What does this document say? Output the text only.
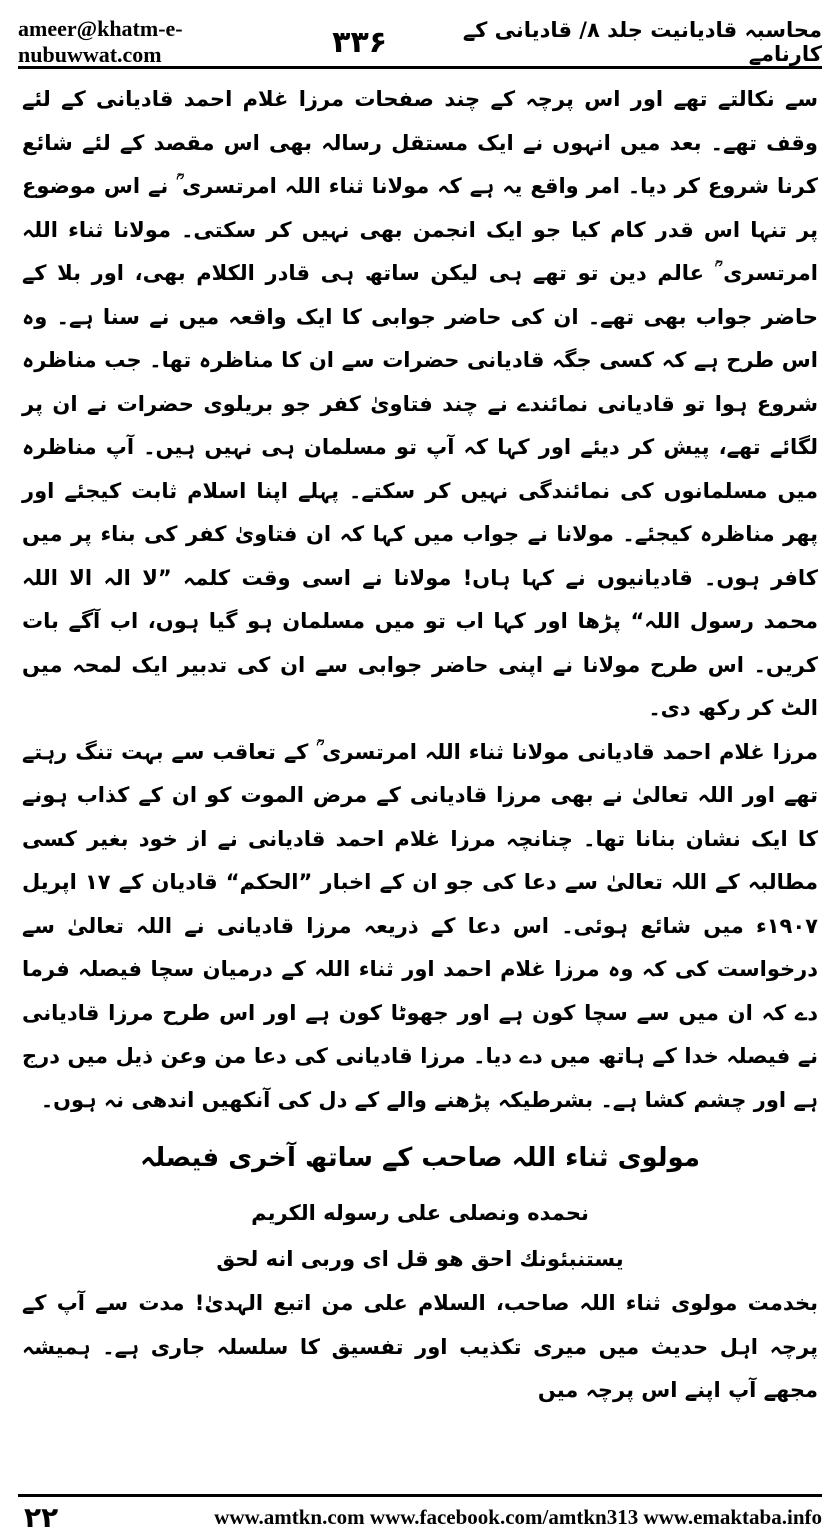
ameer@khatm-e-nubuwwat.com	۳۳۶	محاسبہ قادیانیت جلد ۸/ قادیانی کے کارنامے

سے نکالتے تھے اور اس پرچہ کے چند صفحات مرزا غلام احمد قادیانی کے لئے وقف تھے۔ بعد میں انہوں نے ایک مستقل رسالہ بھی اس مقصد کے لئے شائع کرنا شروع کر دیا۔ امر واقع یہ ہے کہ مولانا ثناء اللہ امرتسری ؒ نے اس موضوع پر تنہا اس قدر کام کیا جو ایک انجمن بھی نہیں کر سکتی۔ مولانا ثناء اللہ امرتسری ؒ عالم دین تو تھے ہی لیکن ساتھ ہی قادر الکلام بھی، اور بلا کے حاضر جواب بھی تھے۔ ان کی حاضر جوابی کا ایک واقعہ میں نے سنا ہے۔ وہ اس طرح ہے کہ کسی جگہ قادیانی حضرات سے ان کا مناظرہ تھا۔ جب مناظرہ شروع ہوا تو قادیانی نمائندے نے چند فتاویٰ کفر جو بریلوی حضرات نے ان پر لگائے تھے، پیش کر دیئے اور کہا کہ آپ تو مسلمان ہی نہیں ہیں۔ آپ مناظرہ میں مسلمانوں کی نمائندگی نہیں کر سکتے۔ پہلے اپنا اسلام ثابت کیجئے اور پھر مناظرہ کیجئے۔ مولانا نے جواب میں کہا کہ ان فتاویٰ کفر کی بناء پر میں کافر ہوں۔ قادیانیوں نے کہا ہاں! مولانا نے اسی وقت کلمہ ”لا الہ الا اللہ محمد رسول اللہ“ پڑھا اور کہا اب تو میں مسلمان ہو گیا ہوں، اب آگے بات کریں۔ اس طرح مولانا نے اپنی حاضر جوابی سے ان کی تدبیر ایک لمحہ میں الٹ کر رکھ دی۔

مرزا غلام احمد قادیانی مولانا ثناء اللہ امرتسری ؒ کے تعاقب سے بہت تنگ رہتے تھے اور اللہ تعالیٰ نے بھی مرزا قادیانی کے مرض الموت کو ان کے کذاب ہونے کا ایک نشان بنانا تھا۔ چنانچہ مرزا غلام احمد قادیانی نے از خود بغیر کسی مطالبہ کے اللہ تعالیٰ سے دعا کی جو ان کے اخبار ”الحکم“ قادیان کے ۱۷ اپریل ۱۹۰۷ء میں شائع ہوئی۔ اس دعا کے ذریعہ مرزا قادیانی نے اللہ تعالیٰ سے درخواست کی کہ وہ مرزا غلام احمد اور ثناء اللہ کے درمیان سچا فیصلہ فرما دے کہ ان میں سے سچا کون ہے اور جھوٹا کون ہے اور اس طرح مرزا قادیانی نے فیصلہ خدا کے ہاتھ میں دے دیا۔ مرزا قادیانی کی دعا من وعن ذیل میں درج ہے اور چشم کشا ہے۔ بشرطیکہ پڑھنے والے کے دل کی آنکھیں اندھی نہ ہوں۔

مولوی ثناء اللہ صاحب کے ساتھ آخری فیصلہ

نحمده ونصلى على رسوله الكريم

يستنبئونك احق هو قل اى وربى انه لحق

بخدمت مولوی ثناء اللہ صاحب، السلام علی من اتبع الہدیٰ! مدت سے آپ کے پرچہ اہل حدیث میں میری تکذیب اور تفسیق کا سلسلہ جاری ہے۔ ہمیشہ مجھے آپ اپنے اس پرچہ میں

۲۲	www.amtkn.com www.facebook.com/amtkn313 www.emaktaba.info
